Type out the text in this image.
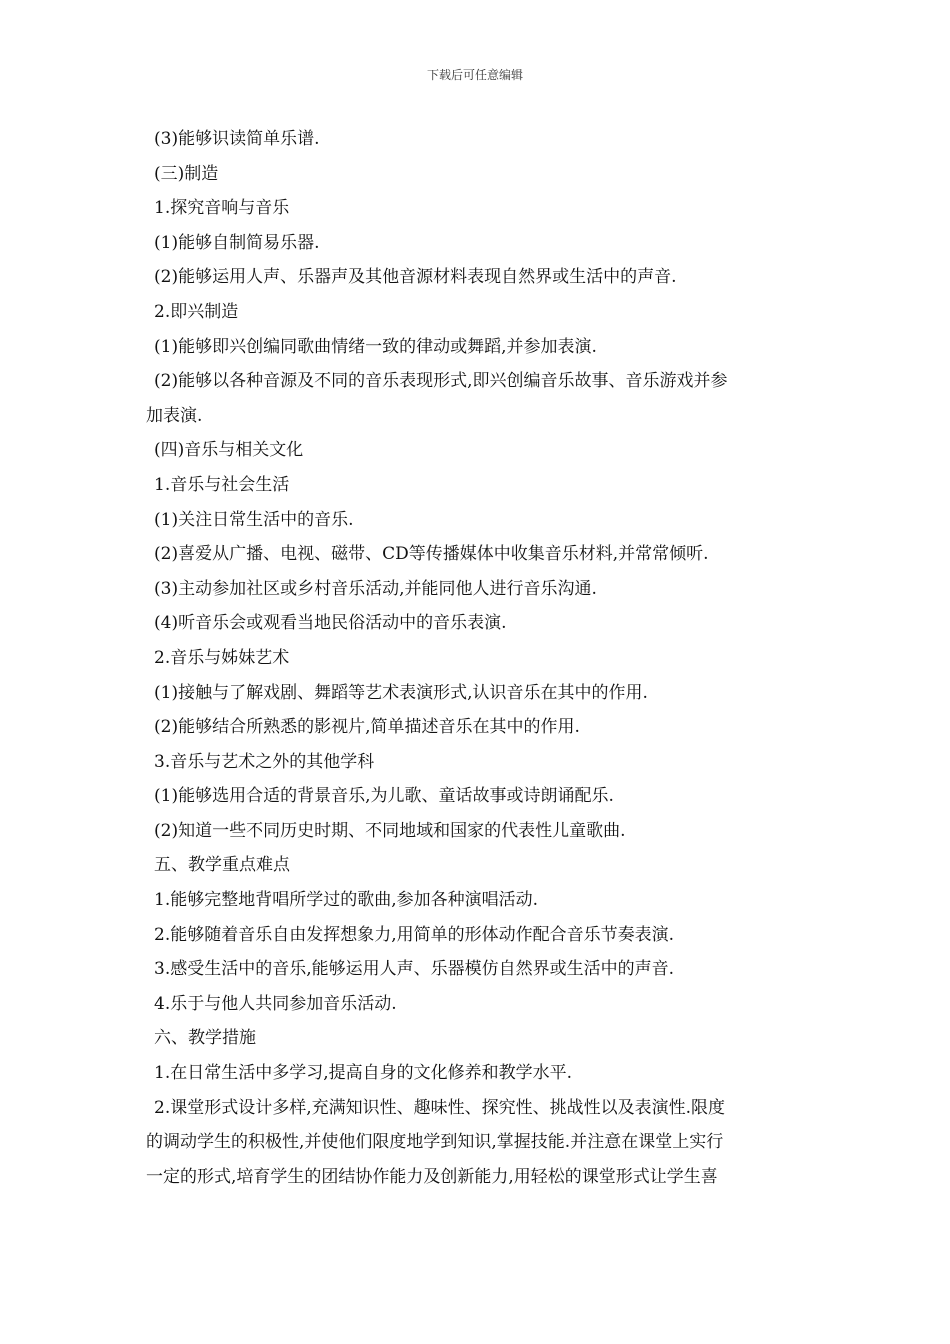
下载后可任意编辑
(3)能够识读简单乐谱.
(三)制造
1.探究音响与音乐
(1)能够自制简易乐器.
(2)能够运用人声、乐器声及其他音源材料表现自然界或生活中的声音.
2.即兴制造
(1)能够即兴创编同歌曲情绪一致的律动或舞蹈,并参加表演.
(2)能够以各种音源及不同的音乐表现形式,即兴创编音乐故事、音乐游戏并参
加表演.
(四)音乐与相关文化
1.音乐与社会生活
(1)关注日常生活中的音乐.
(2)喜爱从广播、电视、磁带、CD等传播媒体中收集音乐材料,并常常倾听.
(3)主动参加社区或乡村音乐活动,并能同他人进行音乐沟通.
(4)听音乐会或观看当地民俗活动中的音乐表演.
2.音乐与姊妹艺术
(1)接触与了解戏剧、舞蹈等艺术表演形式,认识音乐在其中的作用.
(2)能够结合所熟悉的影视片,简单描述音乐在其中的作用.
3.音乐与艺术之外的其他学科
(1)能够选用合适的背景音乐,为儿歌、童话故事或诗朗诵配乐.
(2)知道一些不同历史时期、不同地域和国家的代表性儿童歌曲.
五、教学重点难点
1.能够完整地背唱所学过的歌曲,参加各种演唱活动.
2.能够随着音乐自由发挥想象力,用简单的形体动作配合音乐节奏表演.
3.感受生活中的音乐,能够运用人声、乐器模仿自然界或生活中的声音.
4.乐于与他人共同参加音乐活动.
六、教学措施
1.在日常生活中多学习,提高自身的文化修养和教学水平.
2.课堂形式设计多样,充满知识性、趣味性、探究性、挑战性以及表演性.限度
的调动学生的积极性,并使他们限度地学到知识,掌握技能.并注意在课堂上实行
一定的形式,培育学生的团结协作能力及创新能力,用轻松的课堂形式让学生喜
